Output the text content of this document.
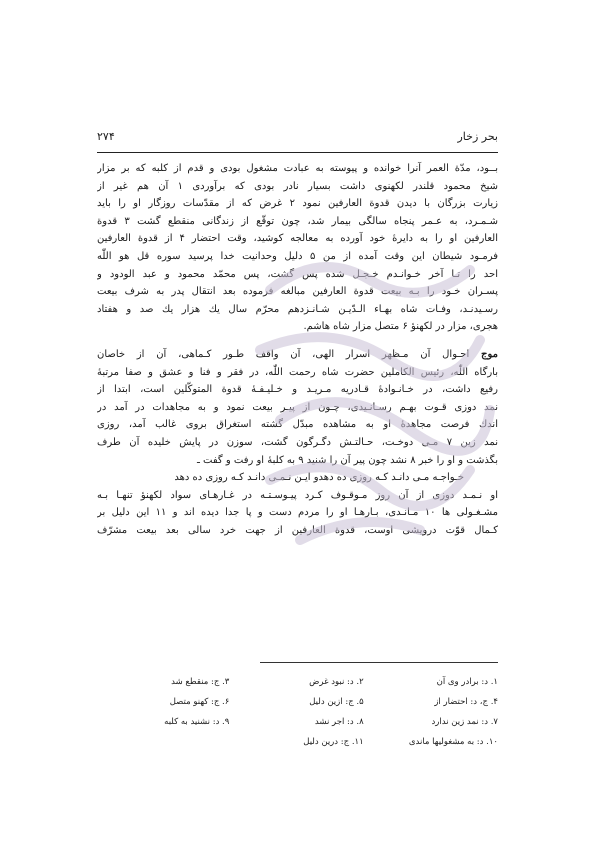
بحر زخار
۲۷۴
بــود، مدّة العمر آنرا خوانده و پیوسته به عبادت مشغول بودی و قدم از کلبه که بر مزار
شیخ محمود قلندر لکهنوی داشت بسیار نادر بودی که برآوردی ۱ آن هم غیر از
زیارت بزرگان با دیدن قدوة العارفین نمود ۲ غرض که از مقدّسات روزگار او را باید
شـمـرد، به عـمر پنجاه سالگی بیمار شد، چون توقّع از زندگانی منقطع گشت ۳ قدوة
العارفین او را به دایرۀ خود آورده به معالجه کوشید، وقت احتضار ۴ از قدوة العارفین
فرمـود شیطان این وقت آمده از من ۵ دلیل وحدانیت خدا پرسید سوره قل هو اللّٰه
احد را تـا آخر خـوانـدم خـجـل شده پس گشت، پس محمّد محمود و عبد الودود و
پسـران خـود را بـه بیعت قدوة العارفین مبالغه فرموده بعد انتقال پدر به شرف بیعت
رسـیدنـد، وفـات شاه بهـاء الـدّیـن شـانـزدهم محرّم سال یك هزار یك صد و هفتاد
هجری، مزار در لکهنؤ ۶ متصل مزار شاه هاشم.
موج احـوال آن مـظهر اسرار الهی، آن واقف طـور کـماهی، آن از خاصان
بارگاه اللّٰه، رئیس الکاملین حضرت شاه رحمت اللّٰه، در فقر و فنا و عشق و صفا مرتبهٔ
رفیع داشت، در خـانـوادۀ قـادریه مـریـد و خـلیـفـۀ قدوة المتوکّلین است، ابتدا از
نمد دوزی قـوت بهـم رسـانـیدی، چـون از پیـر بیعت نمود و به مجاهدات در آمد در
اندك فرصت مجاهدۀ او به مشاهده مبدّل گشته استغراق بروی غالب آمد، روزی
نمد زین ۷ مـی دوخـت، حـالتـش دگـرگون گشت، سوزن در پایش خلیده آن طرف
بگذشت و او را خبر ۸ نشد چون پیر آن را شنید ۹ به کلبهٔ او رفت و گفت ـ
خـواجـه مـی دانـد کـه روزی ده دهد
و ایـن نـمـی دانـد کـه روزی ده دهد
او نـمـد دوزی از آن روز مـوقـوف کـرد پیـوسـتـه در غـارهـای سواد لکهنؤ تنهـا بـه
مشـغـولی ها ۱۰ مـانـدی، بـارهـا او را مردم دست و پا جدا دیده اند و ۱۱ این دلیل بر
کـمال قوّت درویشی اوست، قدوة العارفین از جهت خرد سالی بعد بیعت مشرّف
۱. د: برادر وی آن
۲. د: نبود غرض
۳. ج: منقطع شد
۴. ج، د: احتضار از
۵. ج: ازین دلیل
۶. ج: کهنو متصل
۷. د: نمد زین ندارد
۸. د: اجر نشد
۹. د: نشنید به کلبه
۱۰. د: به مشغولیها ماندی
۱۱. ج: درین دلیل
